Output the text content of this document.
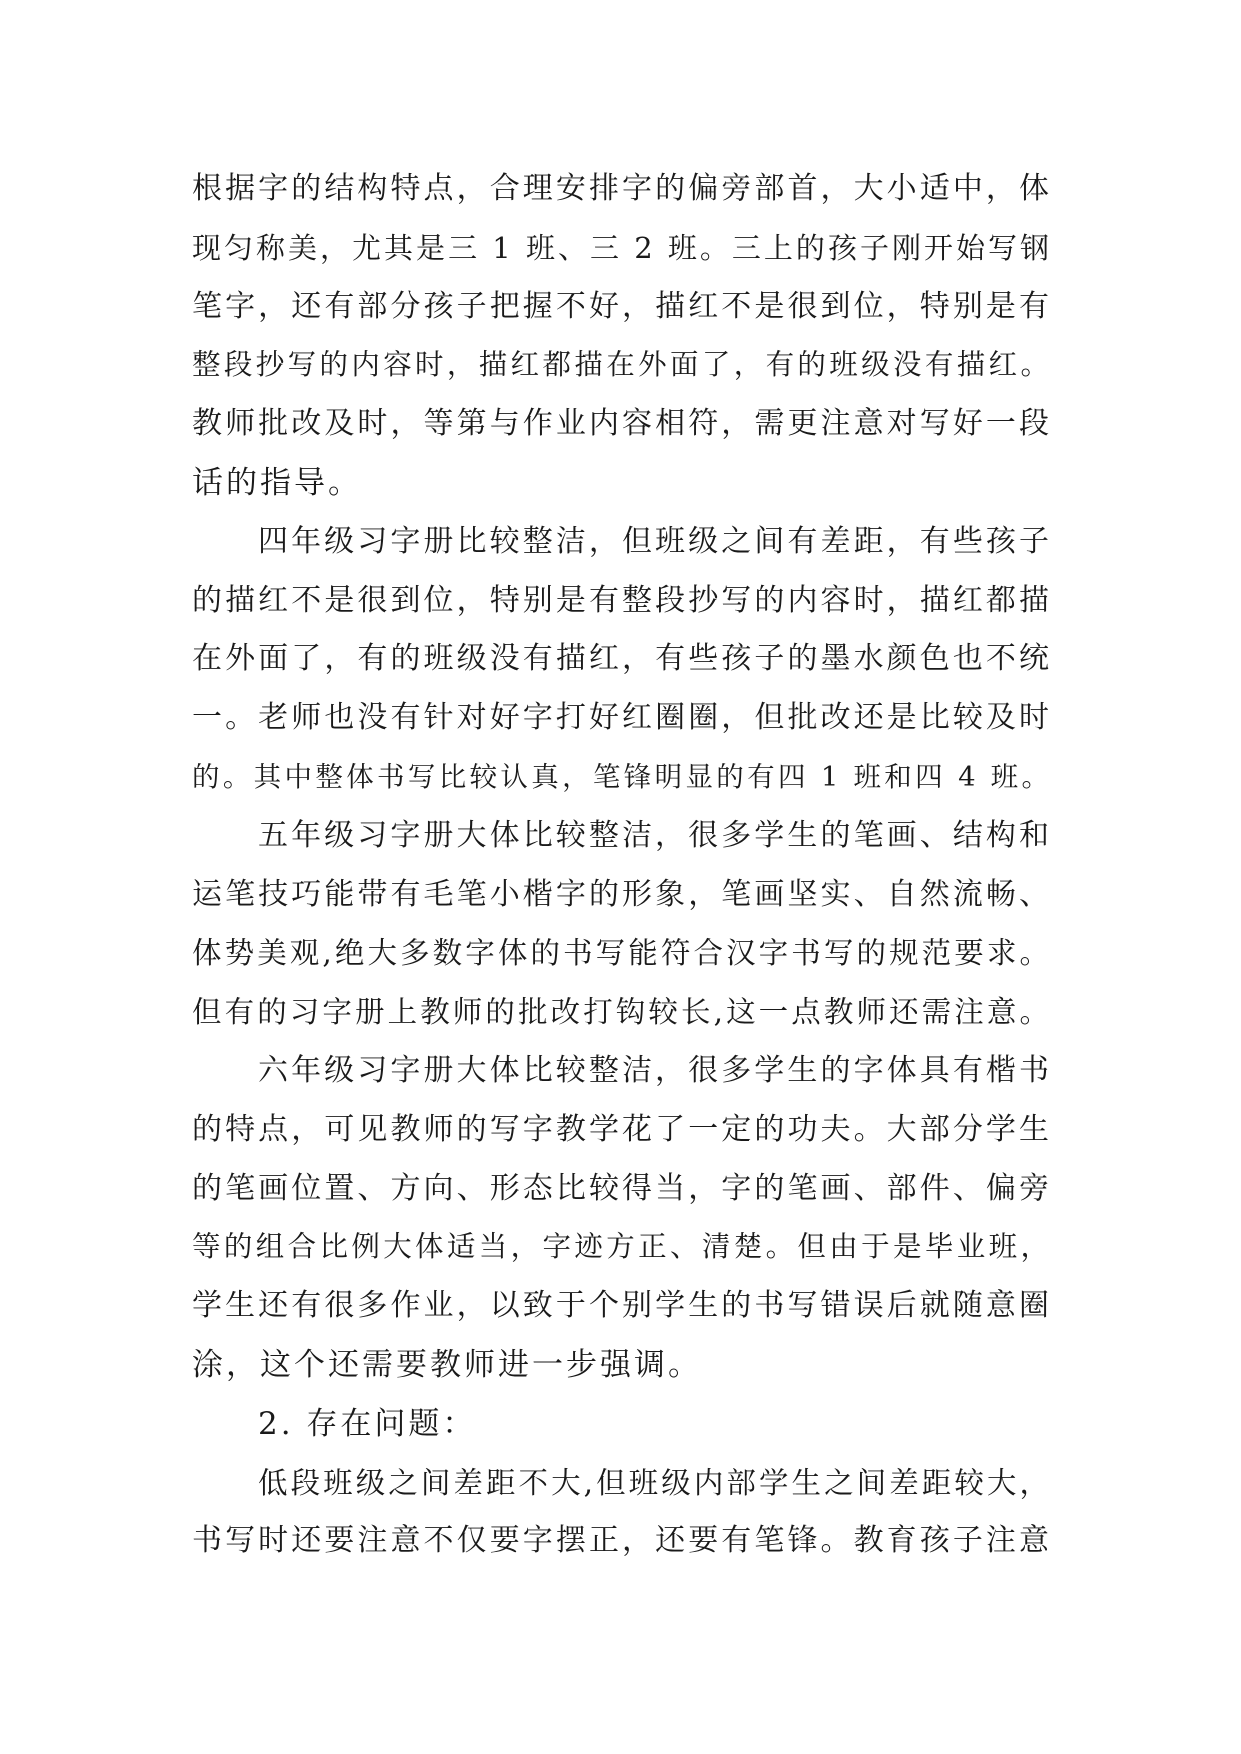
根据字的结构特点，合理安排字的偏旁部首，大小适中，体
现匀称美，尤其是三 1 班、三 2 班。三上的孩子刚开始写钢
笔字，还有部分孩子把握不好，描红不是很到位，特别是有
整段抄写的内容时，描红都描在外面了，有的班级没有描红。
教师批改及时，等第与作业内容相符，需更注意对写好一段
话的指导。
四年级习字册比较整洁，但班级之间有差距，有些孩子
的描红不是很到位，特别是有整段抄写的内容时，描红都描
在外面了，有的班级没有描红，有些孩子的墨水颜色也不统
一。老师也没有针对好字打好红圈圈，但批改还是比较及时
的。其中整体书写比较认真，笔锋明显的有四 1 班和四 4 班。
五年级习字册大体比较整洁，很多学生的笔画、结构和
运笔技巧能带有毛笔小楷字的形象，笔画坚实、自然流畅、
体势美观,绝大多数字体的书写能符合汉字书写的规范要求。
但有的习字册上教师的批改打钩较长,这一点教师还需注意。
六年级习字册大体比较整洁，很多学生的字体具有楷书
的特点，可见教师的写字教学花了一定的功夫。大部分学生
的笔画位置、方向、形态比较得当，字的笔画、部件、偏旁
等的组合比例大体适当，字迹方正、清楚。但由于是毕业班，
学生还有很多作业，以致于个别学生的书写错误后就随意圈
涂，这个还需要教师进一步强调。
2. 存在问题：
低段班级之间差距不大,但班级内部学生之间差距较大，
书写时还要注意不仅要字摆正，还要有笔锋。教育孩子注意
